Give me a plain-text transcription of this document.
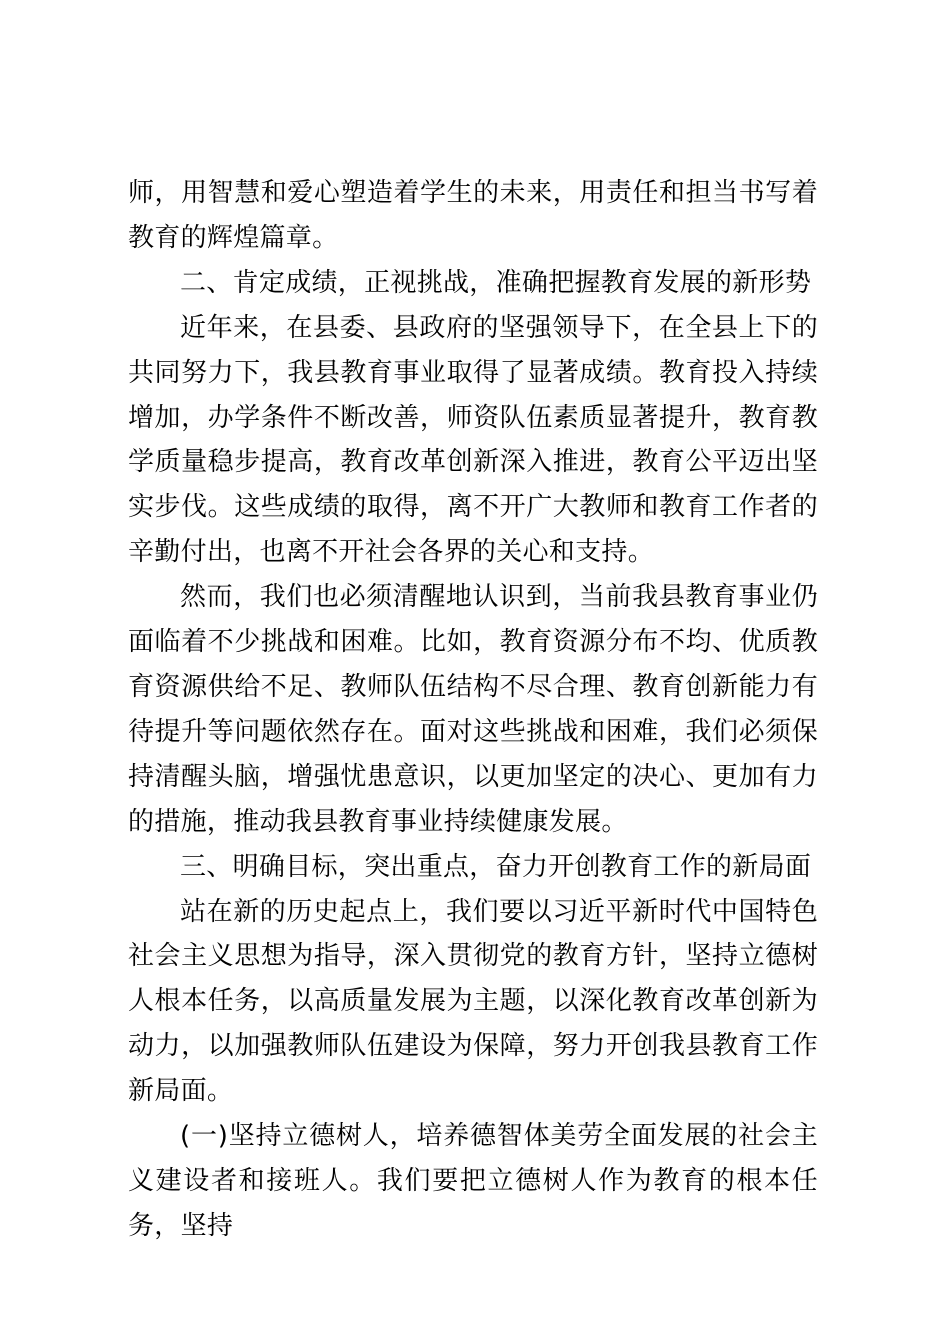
师，用智慧和爱心塑造着学生的未来，用责任和担当书写着教育的辉煌篇章。

二、肯定成绩，正视挑战，准确把握教育发展的新形势

近年来，在县委、县政府的坚强领导下，在全县上下的共同努力下，我县教育事业取得了显著成绩。教育投入持续增加，办学条件不断改善，师资队伍素质显著提升，教育教学质量稳步提高，教育改革创新深入推进，教育公平迈出坚实步伐。这些成绩的取得，离不开广大教师和教育工作者的辛勤付出，也离不开社会各界的关心和支持。

然而，我们也必须清醒地认识到，当前我县教育事业仍面临着不少挑战和困难。比如，教育资源分布不均、优质教育资源供给不足、教师队伍结构不尽合理、教育创新能力有待提升等问题依然存在。面对这些挑战和困难，我们必须保持清醒头脑，增强忧患意识，以更加坚定的决心、更加有力的措施，推动我县教育事业持续健康发展。

三、明确目标，突出重点，奋力开创教育工作的新局面

站在新的历史起点上，我们要以习近平新时代中国特色社会主义思想为指导，深入贯彻党的教育方针，坚持立德树人根本任务，以高质量发展为主题，以深化教育改革创新为动力，以加强教师队伍建设为保障，努力开创我县教育工作新局面。

(一)坚持立德树人，培养德智体美劳全面发展的社会主义建设者和接班人。我们要把立德树人作为教育的根本任务，坚持
